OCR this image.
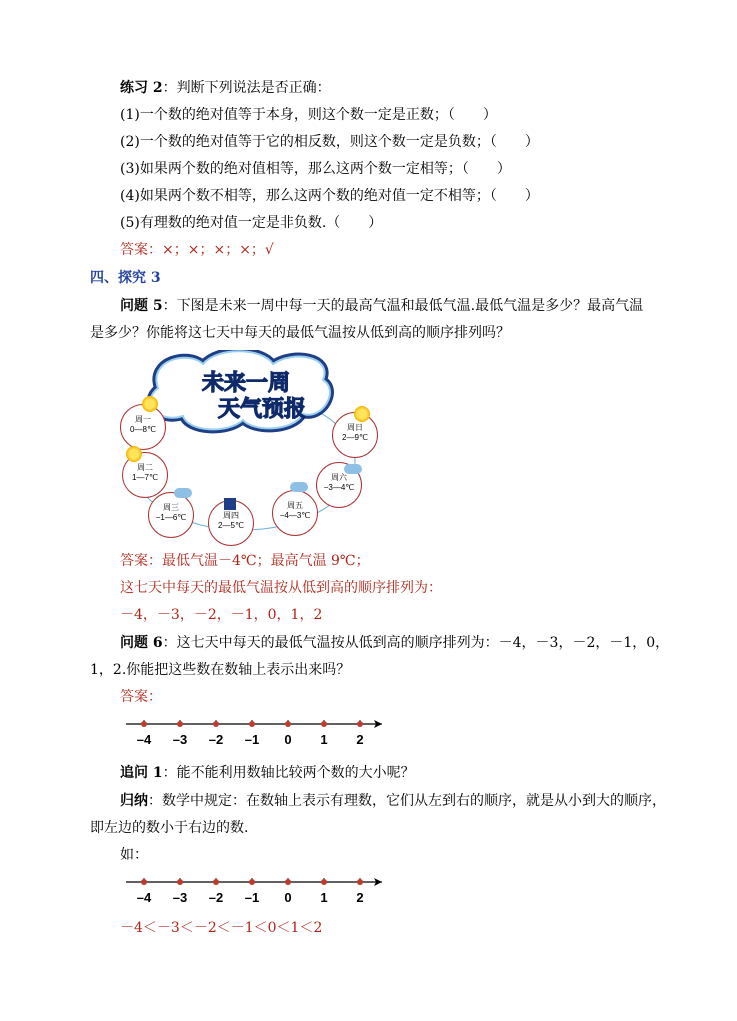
练习 2：判断下列说法是否正确：
(1)一个数的绝对值等于本身，则这个数一定是正数；（　　）
(2)一个数的绝对值等于它的相反数，则这个数一定是负数；（　　）
(3)如果两个数的绝对值相等，那么这两个数一定相等；（　　）
(4)如果两个数不相等，那么这两个数的绝对值一定不相等；（　　）
(5)有理数的绝对值一定是非负数.（　　）
答案：×；×；×；×；√
四、探究 3
问题 5：下图是未来一周中每一天的最高气温和最低气温.最低气温是多少？最高气温
是多少？你能将这七天中每天的最低气温按从低到高的顺序排列吗？
未来一周
天气预报
周一
0—8℃
周二
1—7℃
周三
−1—6℃	周四
2—5℃
周五
−4—3℃
周六
−3—4℃
周日
2—9℃
答案：最低气温－4℃；最高气温 9℃；
这七天中每天的最低气温按从低到高的顺序排列为：
－4，－3，－2，－1，0，1，2
问题 6：这七天中每天的最低气温按从低到高的顺序排列为：－4，－3，－2，－1，0，
1，2.你能把这些数在数轴上表示出来吗？
答案：
–4 –3 –2 –1 0 1 2
追问 1：能不能利用数轴比较两个数的大小呢？
归纳：数学中规定：在数轴上表示有理数，它们从左到右的顺序，就是从小到大的顺序，
即左边的数小于右边的数.
如：
–4 –3 –2 –1 0 1 2
－4＜－3＜－2＜－1＜0＜1＜2
